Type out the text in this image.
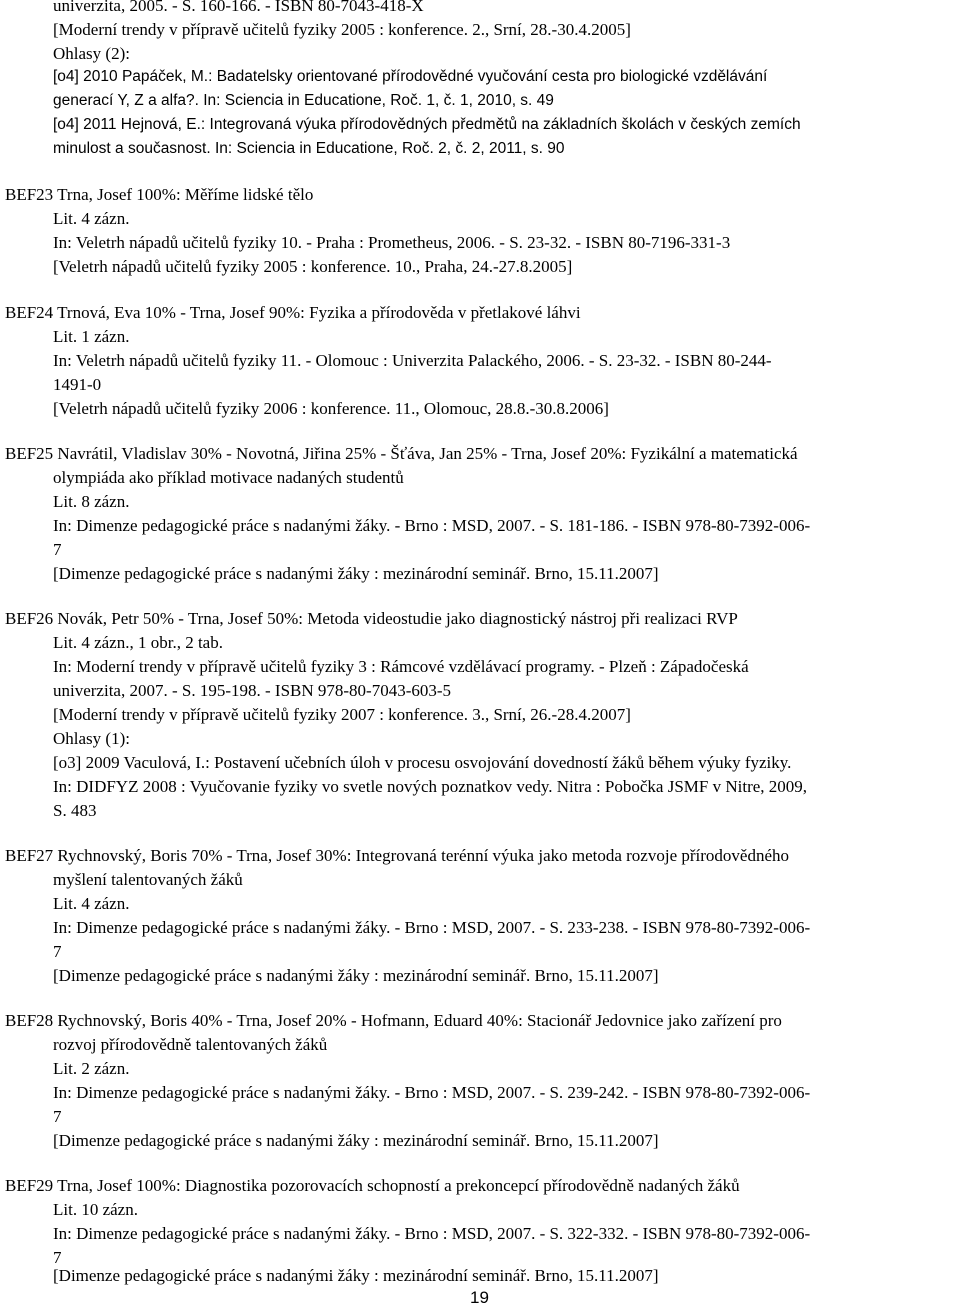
univerzita, 2005. - S. 160-166. - ISBN 80-7043-418-X
[Moderní trendy v přípravě učitelů fyziky 2005 : konference. 2., Srní, 28.-30.4.2005]
Ohlasy (2):
[o4] 2010 Papáček, M.: Badatelsky orientované přírodovědné vyučování cesta pro biologické vzdělávání
generací Y, Z a alfa?. In: Sciencia in Educatione, Roč. 1, č. 1, 2010, s. 49
[o4] 2011 Hejnová, E.: Integrovaná výuka přírodovědných předmětů na základních školách v českých zemích
minulost a současnost. In: Sciencia in Educatione, Roč. 2, č. 2, 2011, s. 90
BEF23 Trna, Josef 100%: Měříme lidské tělo
Lit. 4 zázn.
In: Veletrh nápadů učitelů fyziky 10. - Praha : Prometheus, 2006. - S. 23-32. - ISBN 80-7196-331-3
[Veletrh nápadů učitelů fyziky 2005 : konference. 10., Praha, 24.-27.8.2005]
BEF24 Trnová, Eva 10% - Trna, Josef 90%: Fyzika a přírodověda v přetlakové láhvi
Lit. 1 zázn.
In: Veletrh nápadů učitelů fyziky 11. - Olomouc : Univerzita Palackého, 2006. - S. 23-32. - ISBN 80-244-
1491-0
[Veletrh nápadů učitelů fyziky 2006 : konference. 11., Olomouc, 28.8.-30.8.2006]
BEF25 Navrátil, Vladislav 30% - Novotná, Jiřina 25% - Šťáva, Jan 25% - Trna, Josef 20%: Fyzikální a matematická
olympiáda ako příklad motivace nadaných studentů
Lit. 8 zázn.
In: Dimenze pedagogické práce s nadanými žáky. - Brno : MSD, 2007. - S. 181-186. - ISBN 978-80-7392-006-
7
[Dimenze pedagogické práce s nadanými žáky : mezinárodní seminář. Brno, 15.11.2007]
BEF26 Novák, Petr 50% - Trna, Josef 50%: Metoda videostudie jako diagnostický nástroj při realizaci RVP
Lit. 4 zázn., 1 obr., 2 tab.
In: Moderní trendy v přípravě učitelů fyziky 3 : Rámcové vzdělávací programy. - Plzeň : Západočeská
univerzita, 2007. - S. 195-198. - ISBN 978-80-7043-603-5
[Moderní trendy v přípravě učitelů fyziky 2007 : konference. 3., Srní, 26.-28.4.2007]
Ohlasy (1):
[o3] 2009 Vaculová, I.: Postavení učebních úloh v procesu osvojování dovedností žáků během výuky fyziky.
In: DIDFYZ 2008 : Vyučovanie fyziky vo svetle nových poznatkov vedy. Nitra : Pobočka JSMF v Nitre, 2009,
S. 483
BEF27 Rychnovský, Boris 70% - Trna, Josef 30%: Integrovaná terénní výuka jako metoda rozvoje přírodovědného
myšlení talentovaných žáků
Lit. 4 zázn.
In: Dimenze pedagogické práce s nadanými žáky. - Brno : MSD, 2007. - S. 233-238. - ISBN 978-80-7392-006-
7
[Dimenze pedagogické práce s nadanými žáky : mezinárodní seminář. Brno, 15.11.2007]
BEF28 Rychnovský, Boris 40% - Trna, Josef 20% - Hofmann, Eduard 40%: Stacionář Jedovnice jako zařízení pro
rozvoj přírodovědně talentovaných žáků
Lit. 2 zázn.
In: Dimenze pedagogické práce s nadanými žáky. - Brno : MSD, 2007. - S. 239-242. - ISBN 978-80-7392-006-
7
[Dimenze pedagogické práce s nadanými žáky : mezinárodní seminář. Brno, 15.11.2007]
BEF29 Trna, Josef 100%: Diagnostika pozorovacích schopností a prekoncepcí přírodovědně nadaných žáků
Lit. 10 zázn.
In: Dimenze pedagogické práce s nadanými žáky. - Brno : MSD, 2007. - S. 322-332. - ISBN 978-80-7392-006-
7
[Dimenze pedagogické práce s nadanými žáky : mezinárodní seminář. Brno, 15.11.2007]
19
